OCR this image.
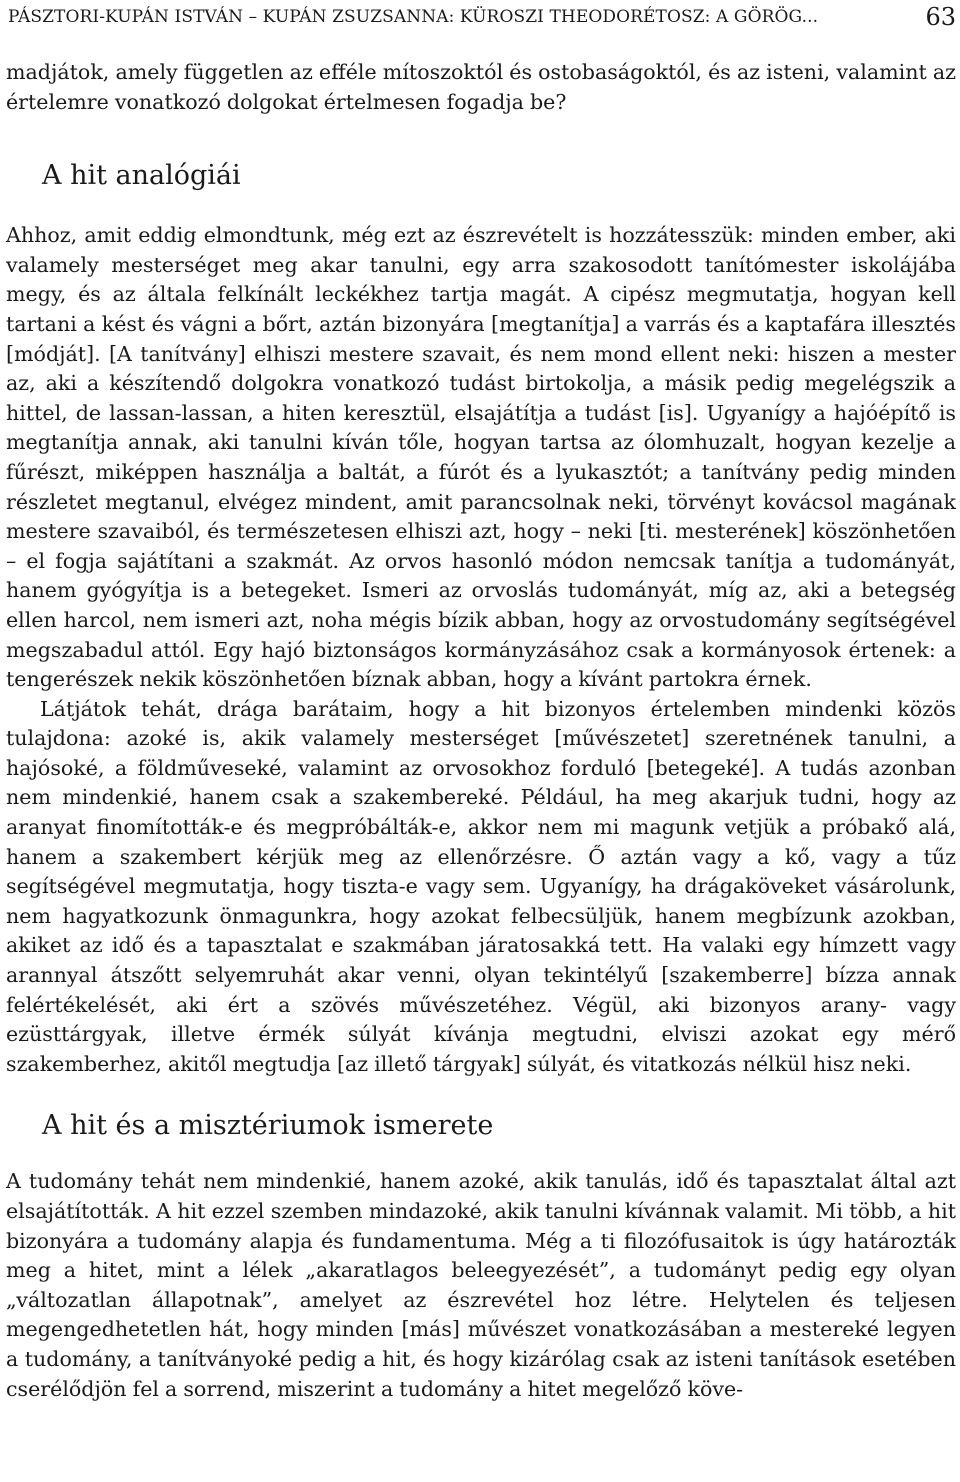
PÁSZTORI-KUPÁN ISTVÁN – KUPÁN ZSUZSANNA: KÜROSZI THEODORÉTOSZ: A GÖRÖG...	63

madjátok, amely független az efféle mítoszoktól és ostobaságoktól, és az isteni, valamint az értelemre vonatkozó dolgokat értelmesen fogadja be?

A hit analógiái

Ahhoz, amit eddig elmondtunk, még ezt az észrevételt is hozzátesszük: minden ember, aki valamely mesterséget meg akar tanulni, egy arra szakosodott tanítómester iskolájába megy, és az általa felkínált leckékhez tartja magát. A cipész megmutatja, hogyan kell tartani a kést és vágni a bőrt, aztán bizonyára [megtanítja] a varrás és a kaptafára illesztés [módját]. [A tanítvány] elhiszi mestere szavait, és nem mond ellent neki: hiszen a mester az, aki a készítendő dolgokra vonatkozó tudást birtokolja, a másik pedig megelégszik a hittel, de lassan-lassan, a hiten keresztül, elsajátítja a tudást [is]. Ugyanígy a hajóépítő is megtanítja annak, aki tanulni kíván tőle, hogyan tartsa az ólomhuzalt, hogyan kezelje a fűrészt, miképpen használja a baltát, a fúrót és a lyukasztót; a tanítvány pedig minden részletet megtanul, elvégez mindent, amit parancsolnak neki, törvényt kovácsol magának mestere szavaiból, és természetesen elhiszi azt, hogy – neki [ti. mesterének] köszönhetően – el fogja sajátítani a szakmát. Az orvos hasonló módon nemcsak tanítja a tudományát, hanem gyógyítja is a betegeket. Ismeri az orvoslás tudományát, míg az, aki a betegség ellen harcol, nem ismeri azt, noha mégis bízik abban, hogy az orvostudomány segítségével megszabadul attól. Egy hajó biztonságos kormányzásához csak a kormányosok értenek: a tengerészek nekik köszönhetően bíznak abban, hogy a kívánt partokra érnek.

Látjátok tehát, drága barátaim, hogy a hit bizonyos értelemben mindenki közös tulajdona: azoké is, akik valamely mesterséget [művészetet] szeretnének tanulni, a hajósoké, a földműveseké, valamint az orvosokhoz forduló [betegeké]. A tudás azonban nem mindenkié, hanem csak a szakembereké. Például, ha meg akarjuk tudni, hogy az aranyat finomították-e és megpróbálták-e, akkor nem mi magunk vetjük a próbakő alá, hanem a szakembert kérjük meg az ellenőrzésre. Ő aztán vagy a kő, vagy a tűz segítségével megmutatja, hogy tiszta-e vagy sem. Ugyanígy, ha drágaköveket vásárolunk, nem hagyatkozunk önmagunkra, hogy azokat felbecsüljük, hanem megbízunk azokban, akiket az idő és a tapasztalat e szakmában járatosakká tett. Ha valaki egy hímzett vagy arannyal átszőtt selyemruhát akar venni, olyan tekintélyű [szakemberre] bízza annak felértékelését, aki ért a szövés művészetéhez. Végül, aki bizonyos arany- vagy ezüsttárgyak, illetve érmék súlyát kívánja megtudni, elviszi azokat egy mérő szakemberhez, akitől megtudja [az illető tárgyak] súlyát, és vitatkozás nélkül hisz neki.

A hit és a misztériumok ismerete

A tudomány tehát nem mindenkié, hanem azoké, akik tanulás, idő és tapasztalat által azt elsajátították. A hit ezzel szemben mindazoké, akik tanulni kívánnak valamit. Mi több, a hit bizonyára a tudomány alapja és fundamentuma. Még a ti filozófusaitok is úgy határozták meg a hitet, mint a lélek „akaratlagos beleegyezését”, a tudományt pedig egy olyan „változatlan állapotnak”, amelyet az észrevétel hoz létre. Helytelen és teljesen megengedhetetlen hát, hogy minden [más] művészet vonatkozásában a mestereké legyen a tudomány, a tanítványoké pedig a hit, és hogy kizárólag csak az isteni tanítások esetében cserélődjön fel a sorrend, miszerint a tudomány a hitet megelőző köve-
